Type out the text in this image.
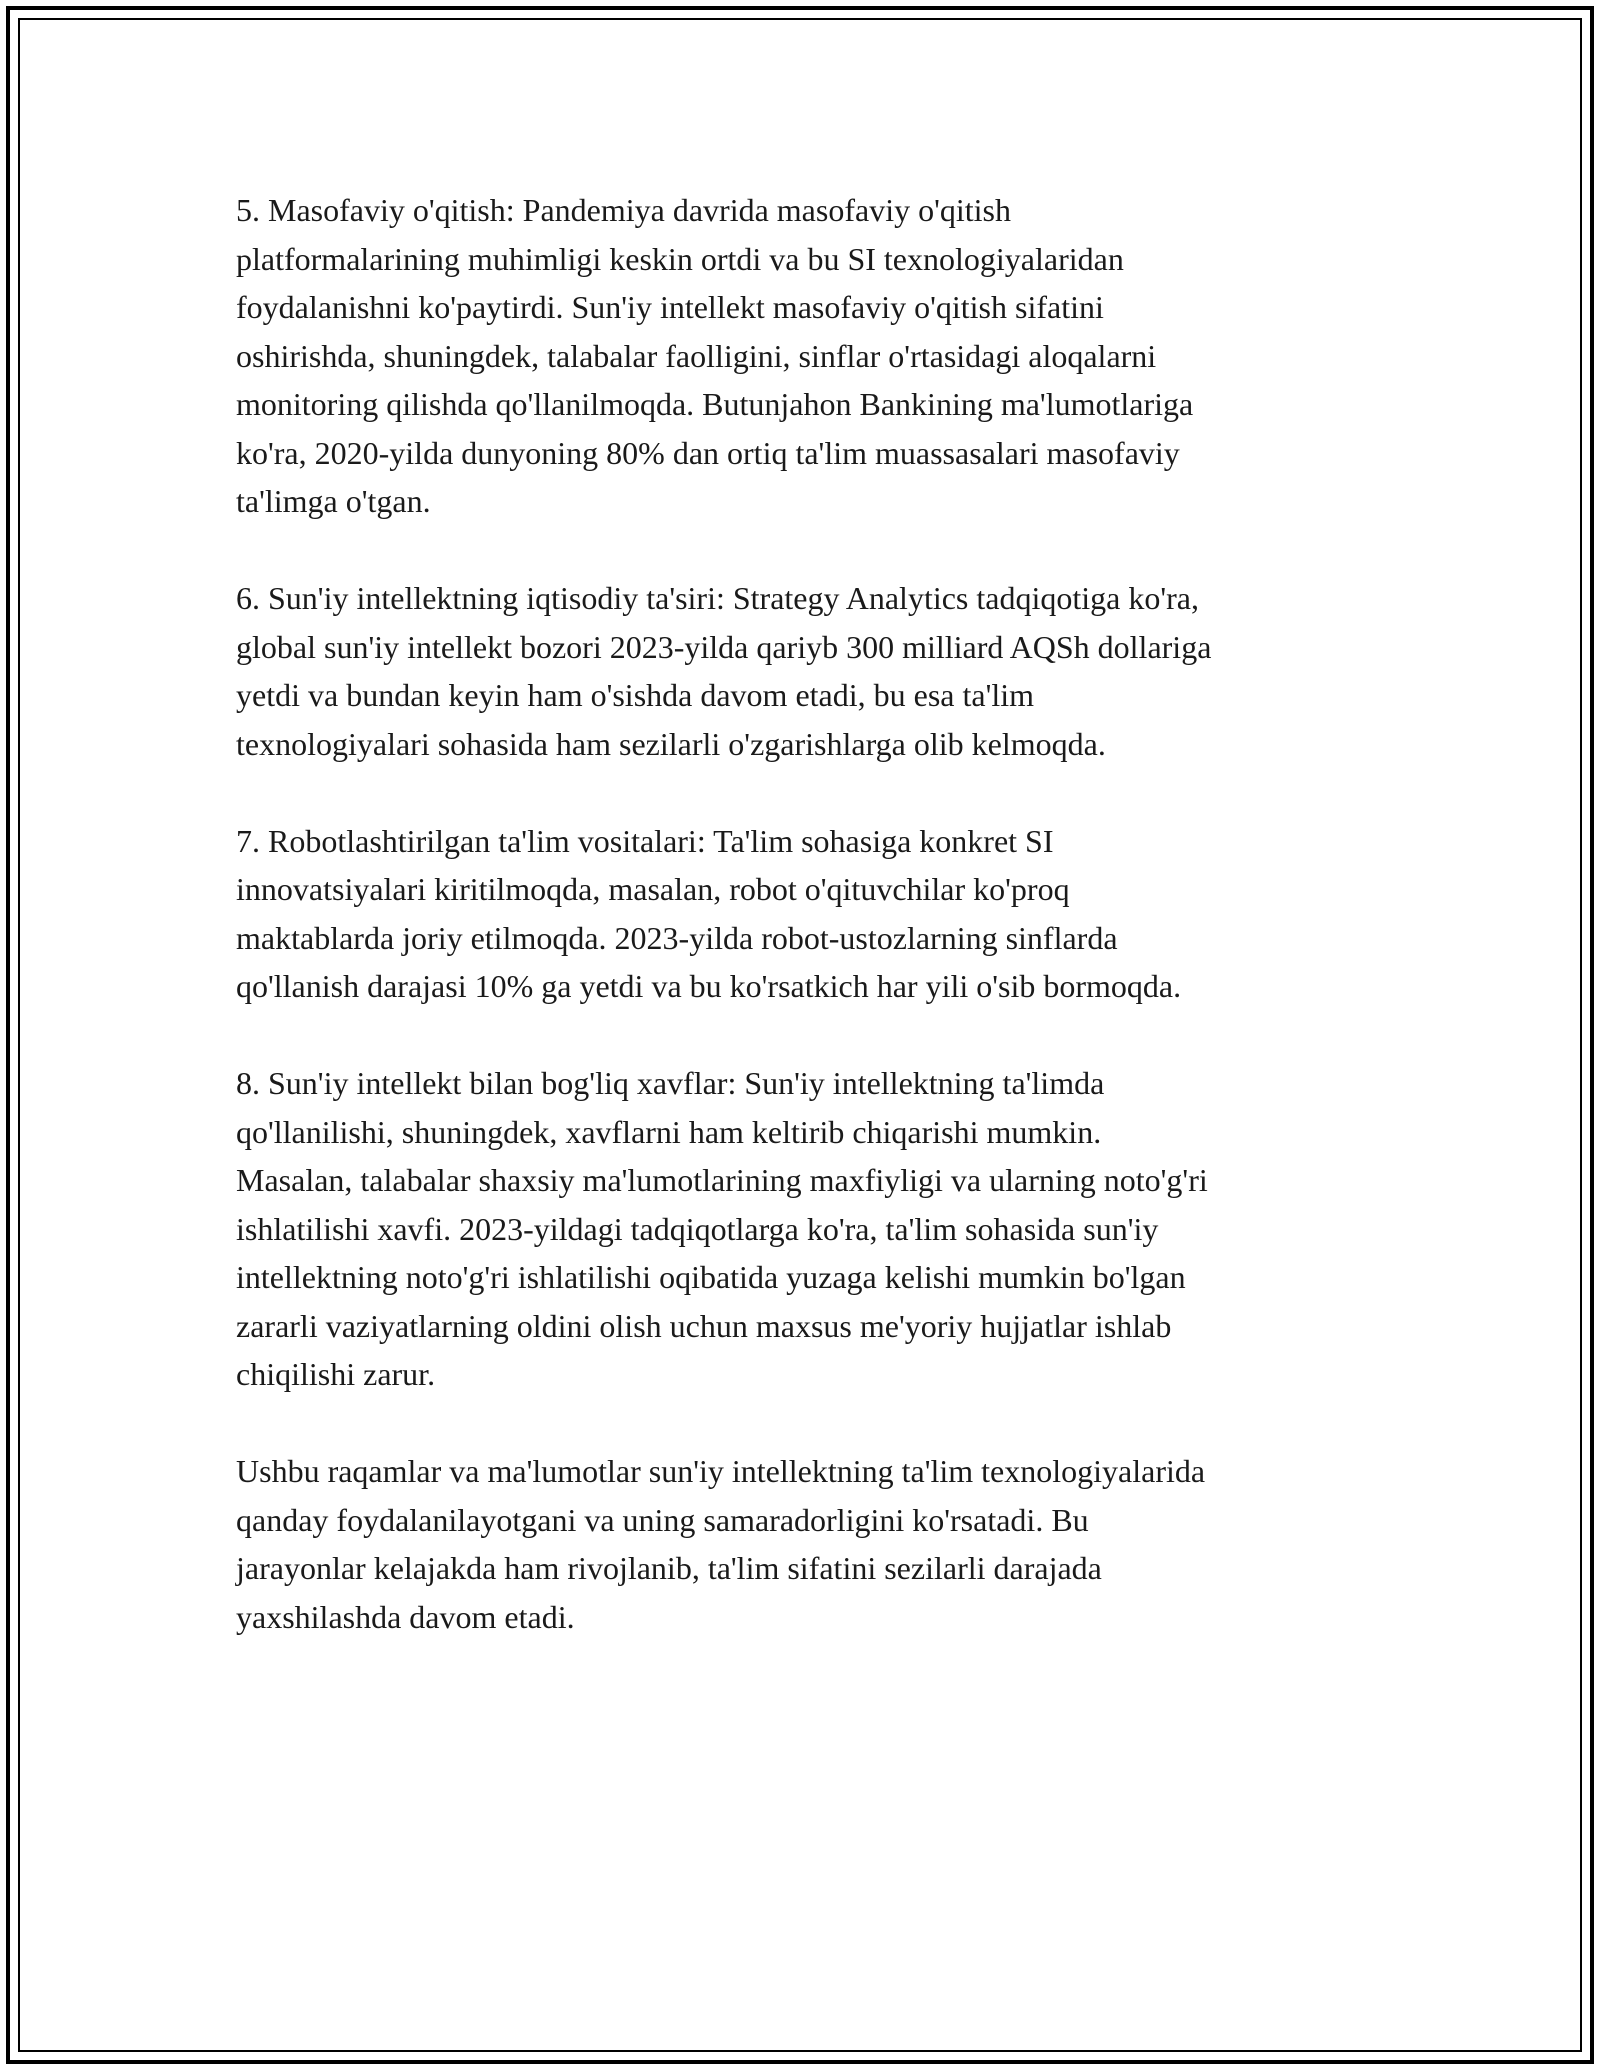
5. Masofaviy o'qitish: Pandemiya davrida masofaviy o'qitish
platformalarining muhimligi keskin ortdi va bu SI texnologiyalaridan
foydalanishni ko'paytirdi. Sun'iy intellekt masofaviy o'qitish sifatini
oshirishda, shuningdek, talabalar faolligini, sinflar o'rtasidagi aloqalarni
monitoring qilishda qo'llanilmoqda. Butunjahon Bankining ma'lumotlariga
ko'ra, 2020-yilda dunyoning 80% dan ortiq ta'lim muassasalari masofaviy
ta'limga o'tgan.

6. Sun'iy intellektning iqtisodiy ta'siri: Strategy Analytics tadqiqotiga ko'ra,
global sun'iy intellekt bozori 2023-yilda qariyb 300 milliard AQSh dollariga
yetdi va bundan keyin ham o'sishda davom etadi, bu esa ta'lim
texnologiyalari sohasida ham sezilarli o'zgarishlarga olib kelmoqda.

7. Robotlashtirilgan ta'lim vositalari: Ta'lim sohasiga konkret SI
innovatsiyalari kiritilmoqda, masalan, robot o'qituvchilar ko'proq
maktablarda joriy etilmoqda. 2023-yilda robot-ustozlarning sinflarda
qo'llanish darajasi 10% ga yetdi va bu ko'rsatkich har yili o'sib bormoqda.

8. Sun'iy intellekt bilan bog'liq xavflar: Sun'iy intellektning ta'limda
qo'llanilishi, shuningdek, xavflarni ham keltirib chiqarishi mumkin.
Masalan, talabalar shaxsiy ma'lumotlarining maxfiyligi va ularning noto'g'ri
ishlatilishi xavfi. 2023-yildagi tadqiqotlarga ko'ra, ta'lim sohasida sun'iy
intellektning noto'g'ri ishlatilishi oqibatida yuzaga kelishi mumkin bo'lgan
zararli vaziyatlarning oldini olish uchun maxsus me'yoriy hujjatlar ishlab
chiqilishi zarur.

Ushbu raqamlar va ma'lumotlar sun'iy intellektning ta'lim texnologiyalarida
qanday foydalanilayotgani va uning samaradorligini ko'rsatadi. Bu
jarayonlar kelajakda ham rivojlanib, ta'lim sifatini sezilarli darajada
yaxshilashda davom etadi.
